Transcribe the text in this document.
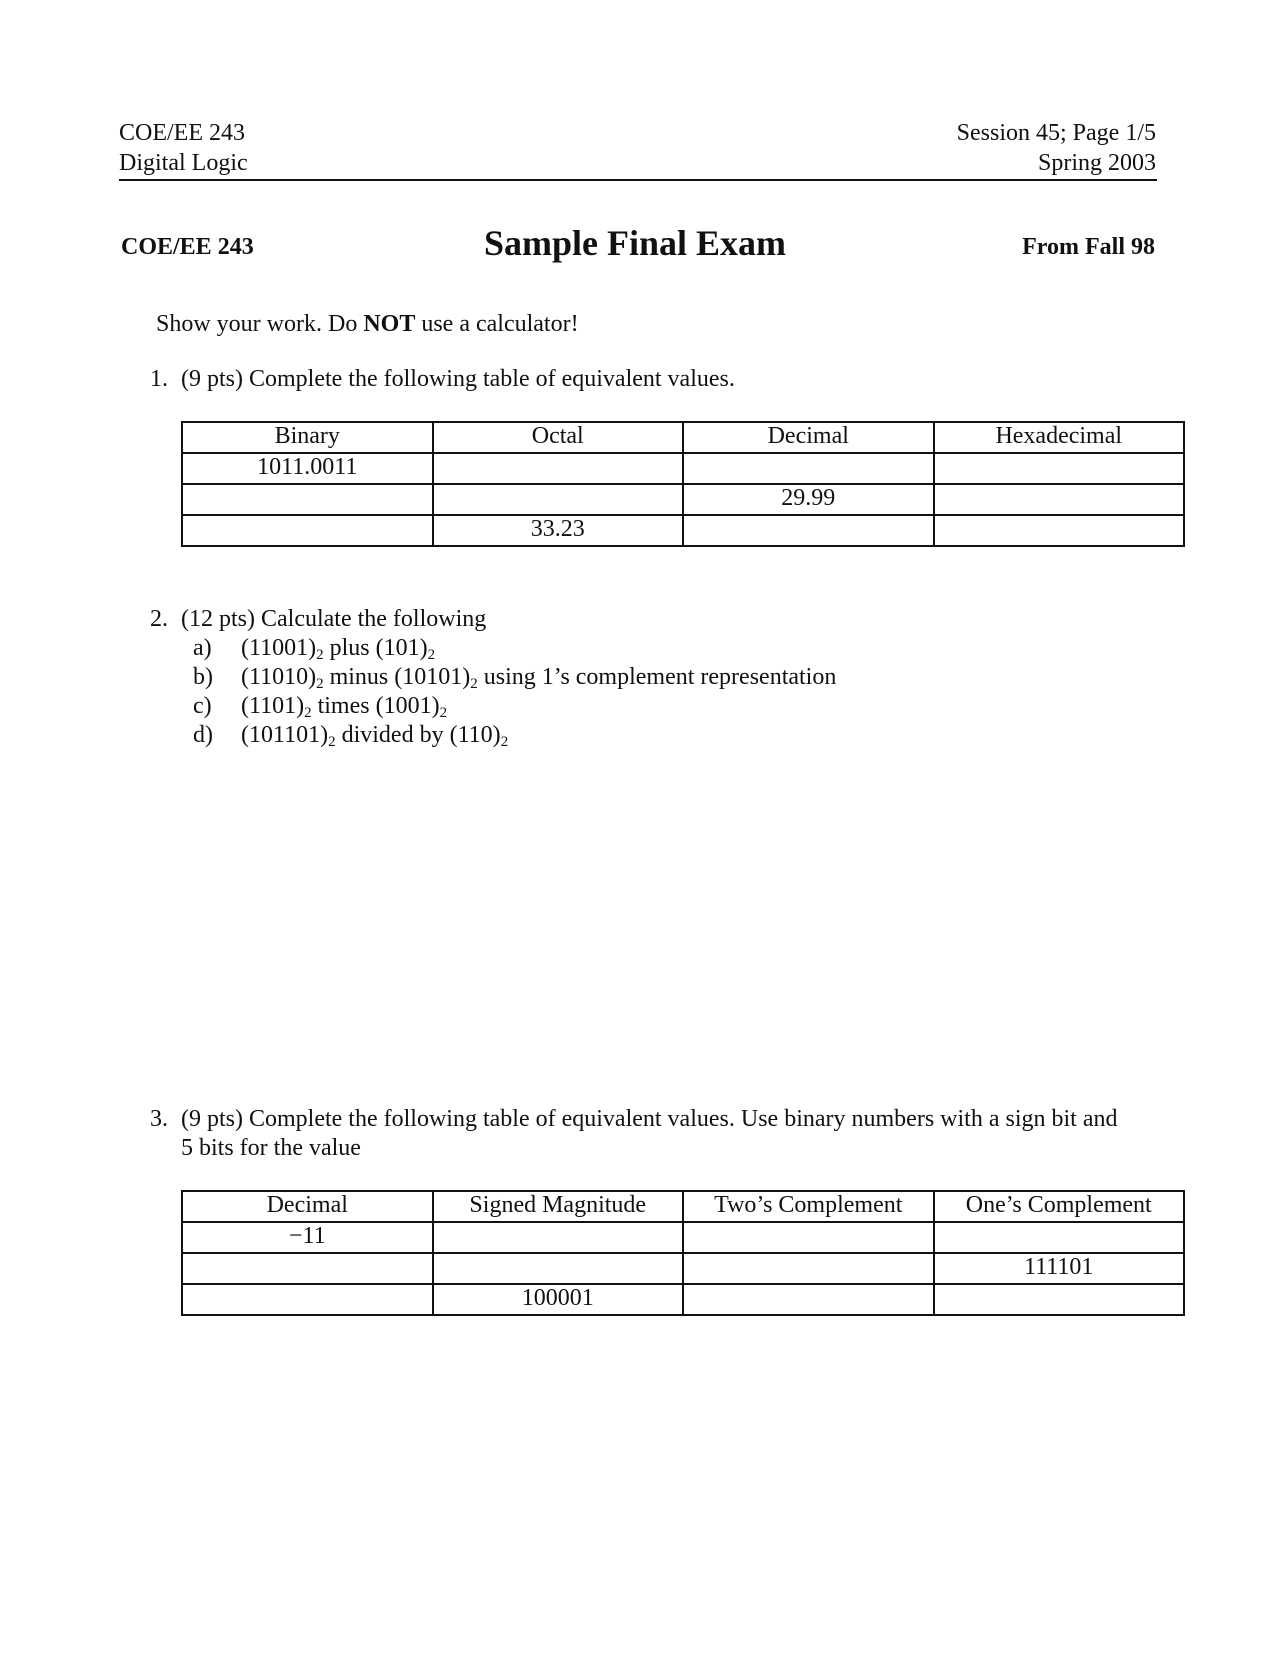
COE/EE 243
Digital Logic
Session 45; Page 1/5
Spring 2003
COE/EE 243	Sample Final Exam	From Fall 98
Show your work. Do NOT use a calculator!
1. (9 pts) Complete the following table of equivalent values.
Binary	Octal	Decimal	Hexadecimal
1011.0011			
		29.99	
	33.23		
2. (12 pts) Calculate the following
a) $(11001)_2$ plus $(101)_2$
b) $(11010)_2$ minus $(10101)_2$ using 1’s complement representation
c) $(1101)_2$ times $(1001)_2$
d) $(101101)_2$ divided by $(110)_2$
3. (9 pts) Complete the following table of equivalent values. Use binary numbers with a sign bit and
5 bits for the value
Decimal	Signed Magnitude	Two’s Complement	One’s Complement
−11			
			111101
	100001		
